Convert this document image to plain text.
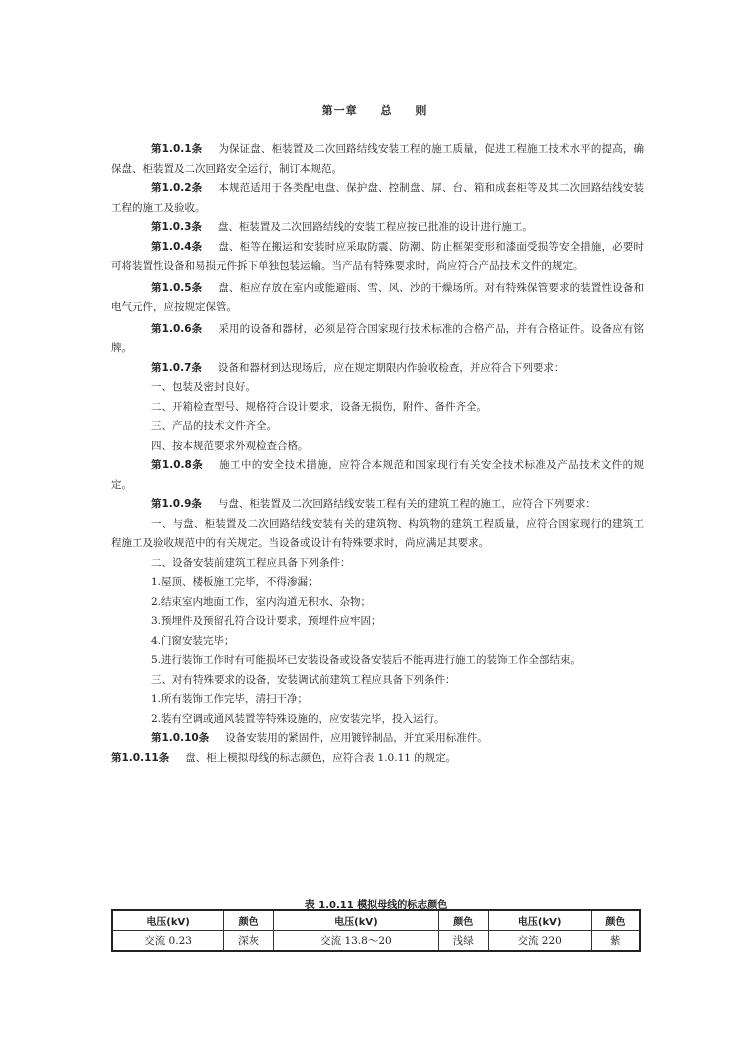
第一章 总 则

第1.0.1条 为保证盘、柜装置及二次回路结线安装工程的施工质量，促进工程施工技术水平的提高，确保盘、柜装置及二次回路安全运行，制订本规范。

第1.0.2条 本规范适用于各类配电盘、保护盘、控制盘、屏、台、箱和成套柜等及其二次回路结线安装工程的施工及验收。

第1.0.3条 盘、柜装置及二次回路结线的安装工程应按已批准的设计进行施工。

第1.0.4条 盘、柜等在搬运和安装时应采取防震、防潮、防止框架变形和漆面受损等安全措施，必要时可将装置性设备和易损元件拆下单独包装运输。当产品有特殊要求时，尚应符合产品技术文件的规定。

第1.0.5条 盘、柜应存放在室内或能避雨、雪、风、沙的干燥场所。对有特殊保管要求的装置性设备和电气元件，应按规定保管。

第1.0.6条 采用的设备和器材，必须是符合国家现行技术标准的合格产品，并有合格证件。设备应有铭牌。

第1.0.7条 设备和器材到达现场后，应在规定期限内作验收检查，并应符合下列要求：

一、包装及密封良好。

二、开箱检查型号、规格符合设计要求，设备无损伤，附件、备件齐全。

三、产品的技术文件齐全。

四、按本规范要求外观检查合格。

第1.0.8条 施工中的安全技术措施，应符合本规范和国家现行有关安全技术标准及产品技术文件的规定。

第1.0.9条 与盘、柜装置及二次回路结线安装工程有关的建筑工程的施工，应符合下列要求：

一、与盘、柜装置及二次回路结线安装有关的建筑物、构筑物的建筑工程质量，应符合国家现行的建筑工程施工及验收规范中的有关规定。当设备或设计有特殊要求时，尚应满足其要求。

二、设备安装前建筑工程应具备下列条件：

1.屋顶、楼板施工完毕，不得渗漏；

2.结束室内地面工作，室内沟道无积水、杂物；

3.预埋件及预留孔符合设计要求，预埋件应牢固；

4.门窗安装完毕；

5.进行装饰工作时有可能损坏已安装设备或设备安装后不能再进行施工的装饰工作全部结束。

三、对有特殊要求的设备，安装调试前建筑工程应具备下列条件：

1.所有装饰工作完毕，清扫干净；

2.装有空调或通风装置等特殊设施的，应安装完毕，投入运行。

第1.0.10条 设备安装用的紧固件，应用镀锌制品，并宜采用标准件。

第1.0.11条 盘、柜上模拟母线的标志颜色，应符合表 1.0.11 的规定。

表 1.0.11 模拟母线的标志颜色
电压(kV)	颜色	电压(kV)	颜色	电压(kV)	颜色
交流 0.23	深灰	交流 13.8～20	浅绿	交流 220	紫
